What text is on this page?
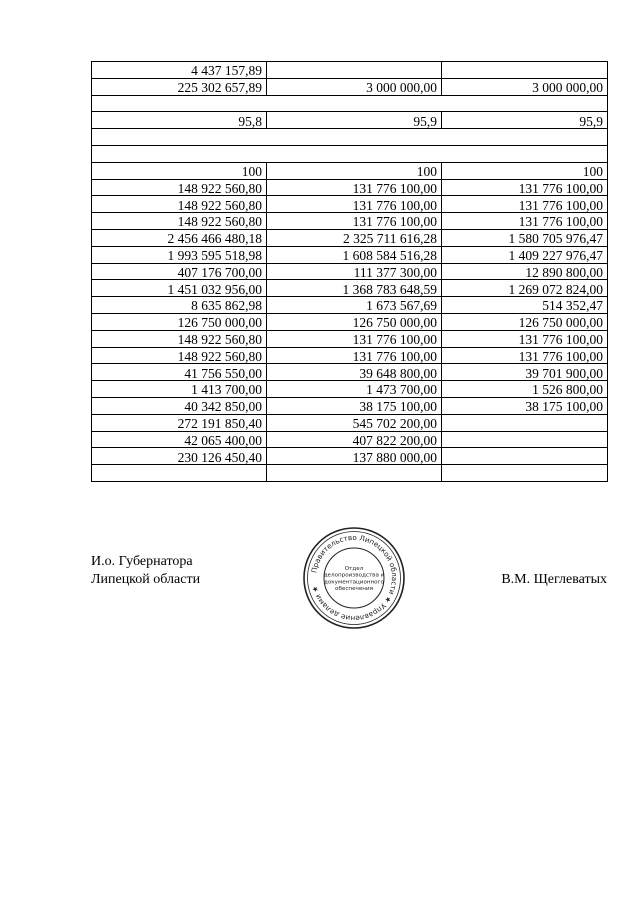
4 437 157,89		
225 302 657,89	3 000 000,00	3 000 000,00

95,8	95,9	95,9

100	100	100
148 922 560,80	131 776 100,00	131 776 100,00
148 922 560,80	131 776 100,00	131 776 100,00
148 922 560,80	131 776 100,00	131 776 100,00
2 456 466 480,18	2 325 711 616,28	1 580 705 976,47
1 993 595 518,98	1 608 584 516,28	1 409 227 976,47
407 176 700,00	111 377 300,00	12 890 800,00
1 451 032 956,00	1 368 783 648,59	1 269 072 824,00
8 635 862,98	1 673 567,69	514 352,47
126 750 000,00	126 750 000,00	126 750 000,00
148 922 560,80	131 776 100,00	131 776 100,00
148 922 560,80	131 776 100,00	131 776 100,00
41 756 550,00	39 648 800,00	39 701 900,00
1 413 700,00	1 473 700,00	1 526 800,00
40 342 850,00	38 175 100,00	38 175 100,00
272 191 850,40	545 702 200,00	
42 065 400,00	407 822 200,00	
230 126 450,40	137 880 000,00	

И.о. Губернатора
Липецкой области	В.М. Щеглеватых
Правительство Липецкой области ★ Управление делами ★
Отдел
делопроизводства и
документационного
обеспечения
